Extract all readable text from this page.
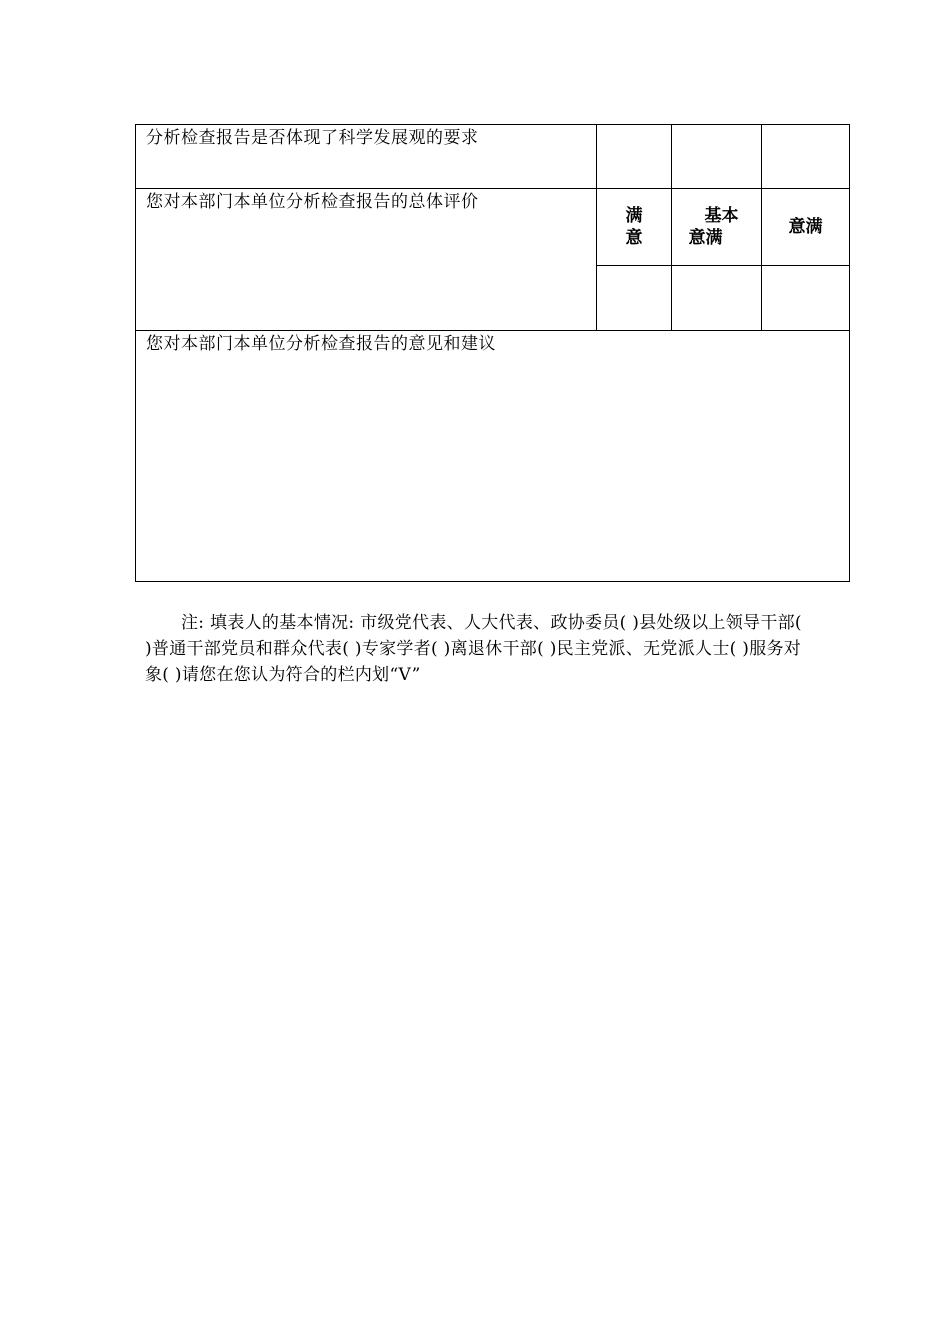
分析检查报告是否体现了科学发展观的要求			
您对本部门本单位分析检查报告的总体评价	满意	基本意满	意满

您对本部门本单位分析检查报告的意见和建议			

注: 填表人的基本情况: 市级党代表、人大代表、政协委员( )县处级以上领导干部( )普通干部党员和群众代表( )专家学者( )离退休干部( )民主党派、无党派人士( )服务对象( )请您在您认为符合的栏内划“V”
